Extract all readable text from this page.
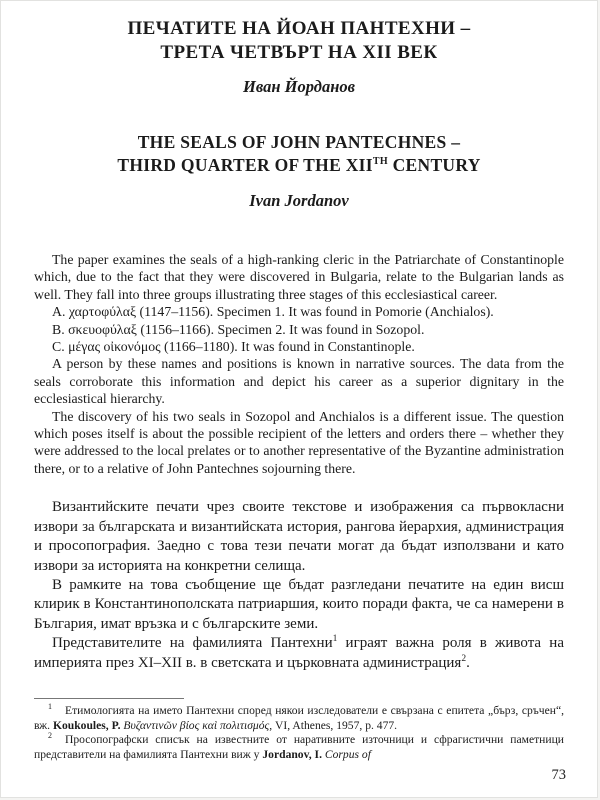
ПЕЧАТИТЕ НА ЙОАН ПАНТЕХНИ –
ТРЕТА ЧЕТВЪРТ НА XII ВЕК

Иван Йорданов

THE SEALS OF JOHN PANTECHNES –
THIRD QUARTER OF THE XIITH CENTURY

Ivan Jordanov

The paper examines the seals of a high-ranking cleric in the Patriarchate of Constantinople which, due to the fact that they were discovered in Bulgaria, relate to the Bulgarian lands as well. They fall into three groups illustrating three stages of this ecclesiastical career.

A. χαρτοφύλαξ (1147–1156). Specimen 1. It was found in Pomorie (Anchialos).

B. σκευοφύλαξ (1156–1166). Specimen 2. It was found in Sozopol.

C. μέγας οἰκονόμος (1166–1180). It was found in Constantinople.

A person by these names and positions is known in narrative sources. The data from the seals corroborate this information and depict his career as a superior dignitary in the ecclesiastical hierarchy.

The discovery of his two seals in Sozopol and Anchialos is a different issue. The question which poses itself is about the possible recipient of the letters and orders there – whether they were addressed to the local prelates or to another representative of the Byzantine administration there, or to a relative of John Pantechnes sojourning there.

Византийските печати чрез своите текстове и изображения са първокласни извори за българската и византийската история, рангова йерархия, администрация и просопография. Заедно с това тези печати могат да бъдат използвани и като извори за историята на конкретни селища.

В рамките на това съобщение ще бъдат разгледани печатите на един висш клирик в Константинополската патриаршия, които поради факта, че са намерени в България, имат връзка и с българските земи.

Представителите на фамилията Пантехни$^1$ играят важна роля в живота на империята през XI–XII в. в светската и църковната администрация$^2$.

$^1$ Етимологията на името Пантехни според някои изследователи е свързана с епитета „бърз, сръчен“, вж. Koukoules, P. Βυζαντινῶν βίος καὶ πολιτισμός, VI, Athenes, 1957, p. 477.

$^2$ Просопографски списък на известните от наративните източници и сфрагистични паметници представители на фамилията Пантехни виж у Jordanov, I. Corpus of

73
